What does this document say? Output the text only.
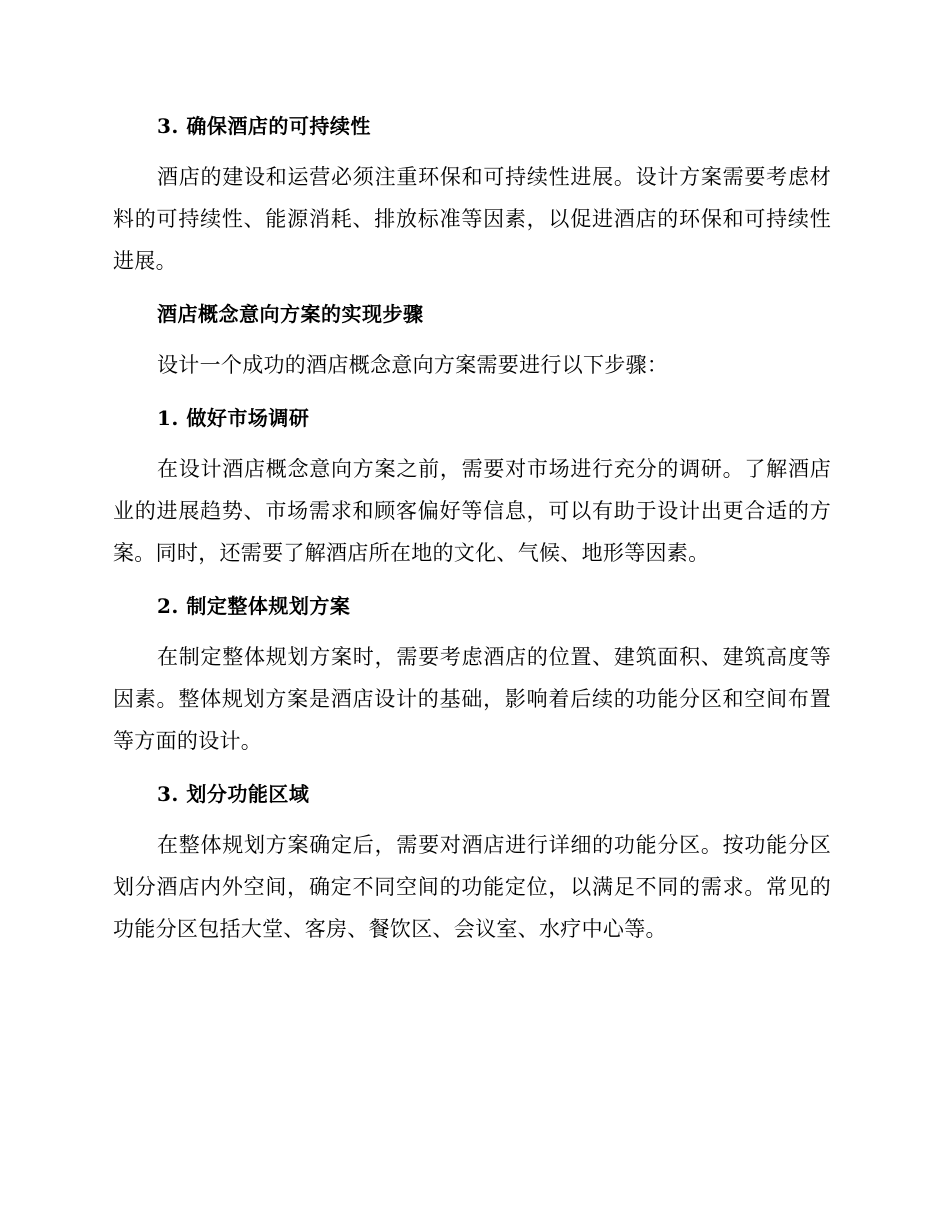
3. 确保酒店的可持续性

酒店的建设和运营必须注重环保和可持续性进展。设计方案需要考虑材料的可持续性、能源消耗、排放标准等因素，以促进酒店的环保和可持续性进展。

酒店概念意向方案的实现步骤

设计一个成功的酒店概念意向方案需要进行以下步骤：

1. 做好市场调研

在设计酒店概念意向方案之前，需要对市场进行充分的调研。了解酒店业的进展趋势、市场需求和顾客偏好等信息，可以有助于设计出更合适的方案。同时，还需要了解酒店所在地的文化、气候、地形等因素。

2. 制定整体规划方案

在制定整体规划方案时，需要考虑酒店的位置、建筑面积、建筑高度等因素。整体规划方案是酒店设计的基础，影响着后续的功能分区和空间布置等方面的设计。

3. 划分功能区域

在整体规划方案确定后，需要对酒店进行详细的功能分区。按功能分区划分酒店内外空间，确定不同空间的功能定位，以满足不同的需求。常见的功能分区包括大堂、客房、餐饮区、会议室、水疗中心等。
